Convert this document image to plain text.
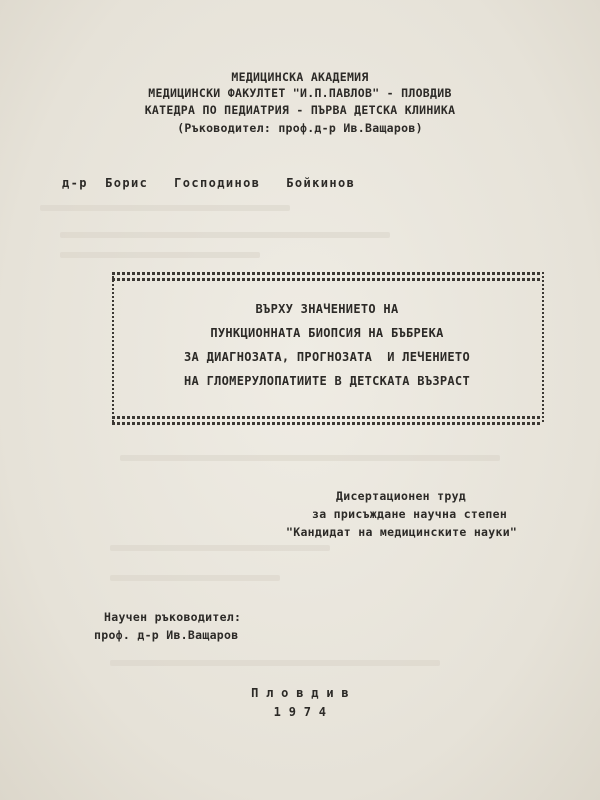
МЕДИЦИНСКА АКАДЕМИЯ
МЕДИЦИНСКИ ФАКУЛТЕТ "И.П.ПАВЛОВ" - ПЛОВДИВ
КАТЕДРА ПО ПЕДИАТРИЯ - ПЪРВА ДЕТСКА КЛИНИКА
(Ръководител: проф.д-р Ив.Ващаров)
д-р  Борис   Господинов   Бойкинов
ВЪРХУ ЗНАЧЕНИЕТО НА
ПУНКЦИОННАТА БИОПСИЯ НА БЪБРЕКА
ЗА ДИАГНОЗАТА, ПРОГНОЗАТА  И ЛЕЧЕНИЕТО
НА ГЛОМЕРУЛОПАТИИТЕ В ДЕТСКАТА ВЪЗРАСТ
Дисертационен труд
за присъждане научна степен
"Кандидат на медицинските науки"
Научен ръководител:
проф. д-р Ив.Ващаров
П л о в д и в
1 9 7 4
